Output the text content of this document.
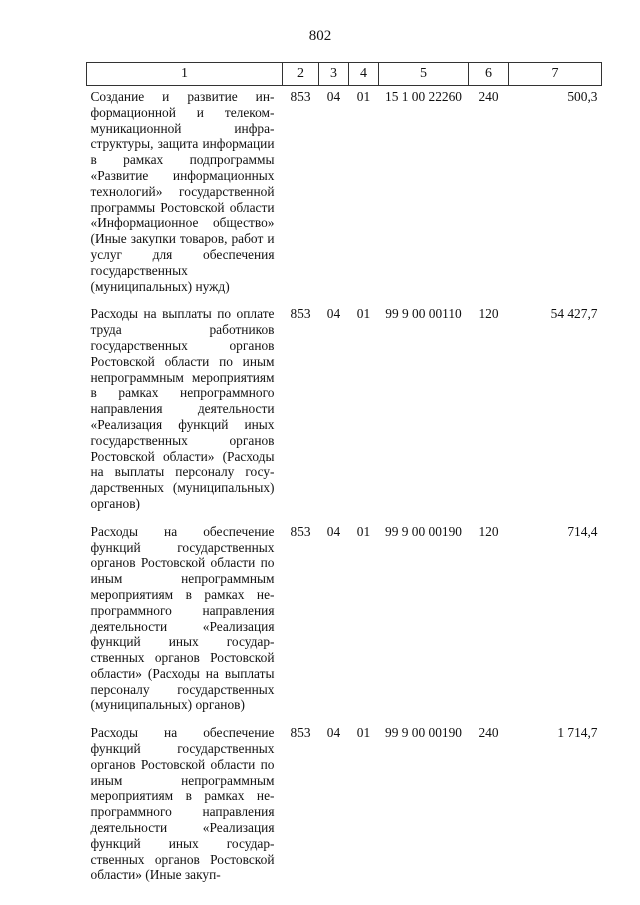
802
1	2	3	4	5	6	7
Создание и развитие информационной и телекоммуникационной инфраструктуры, защита информации в рамках подпрограммы «Развитие информационных технологий» государственной программы Ростовской области «Информационное общество» (Иные закупки товаров, работ и услуг для обеспечения государственных (муниципальных) нужд)	853	04	01	15 1 00 22260	240	500,3
Расходы на выплаты по оплате труда работников государственных органов Ростовской области по иным непрограммным мероприятиям в рамках непрограммного направления деятельности «Реализация функций иных государственных органов Ростовской области» (Расходы на выплаты персоналу государственных (муниципальных) органов)	853	04	01	99 9 00 00110	120	54 427,7
Расходы на обеспечение функций государственных органов Ростовской области по иным непрограммным мероприятиям в рамках непрограммного направления деятельности «Реализация функций иных государственных органов Ростовской области» (Расходы на выплаты персоналу государственных (муниципальных) органов)	853	04	01	99 9 00 00190	120	714,4
Расходы на обеспечение функций государственных органов Ростовской области по иным непрограммным мероприятиям в рамках непрограммного направления деятельности «Реализация функций иных государственных органов Ростовской области» (Иные закуп-	853	04	01	99 9 00 00190	240	1 714,7
